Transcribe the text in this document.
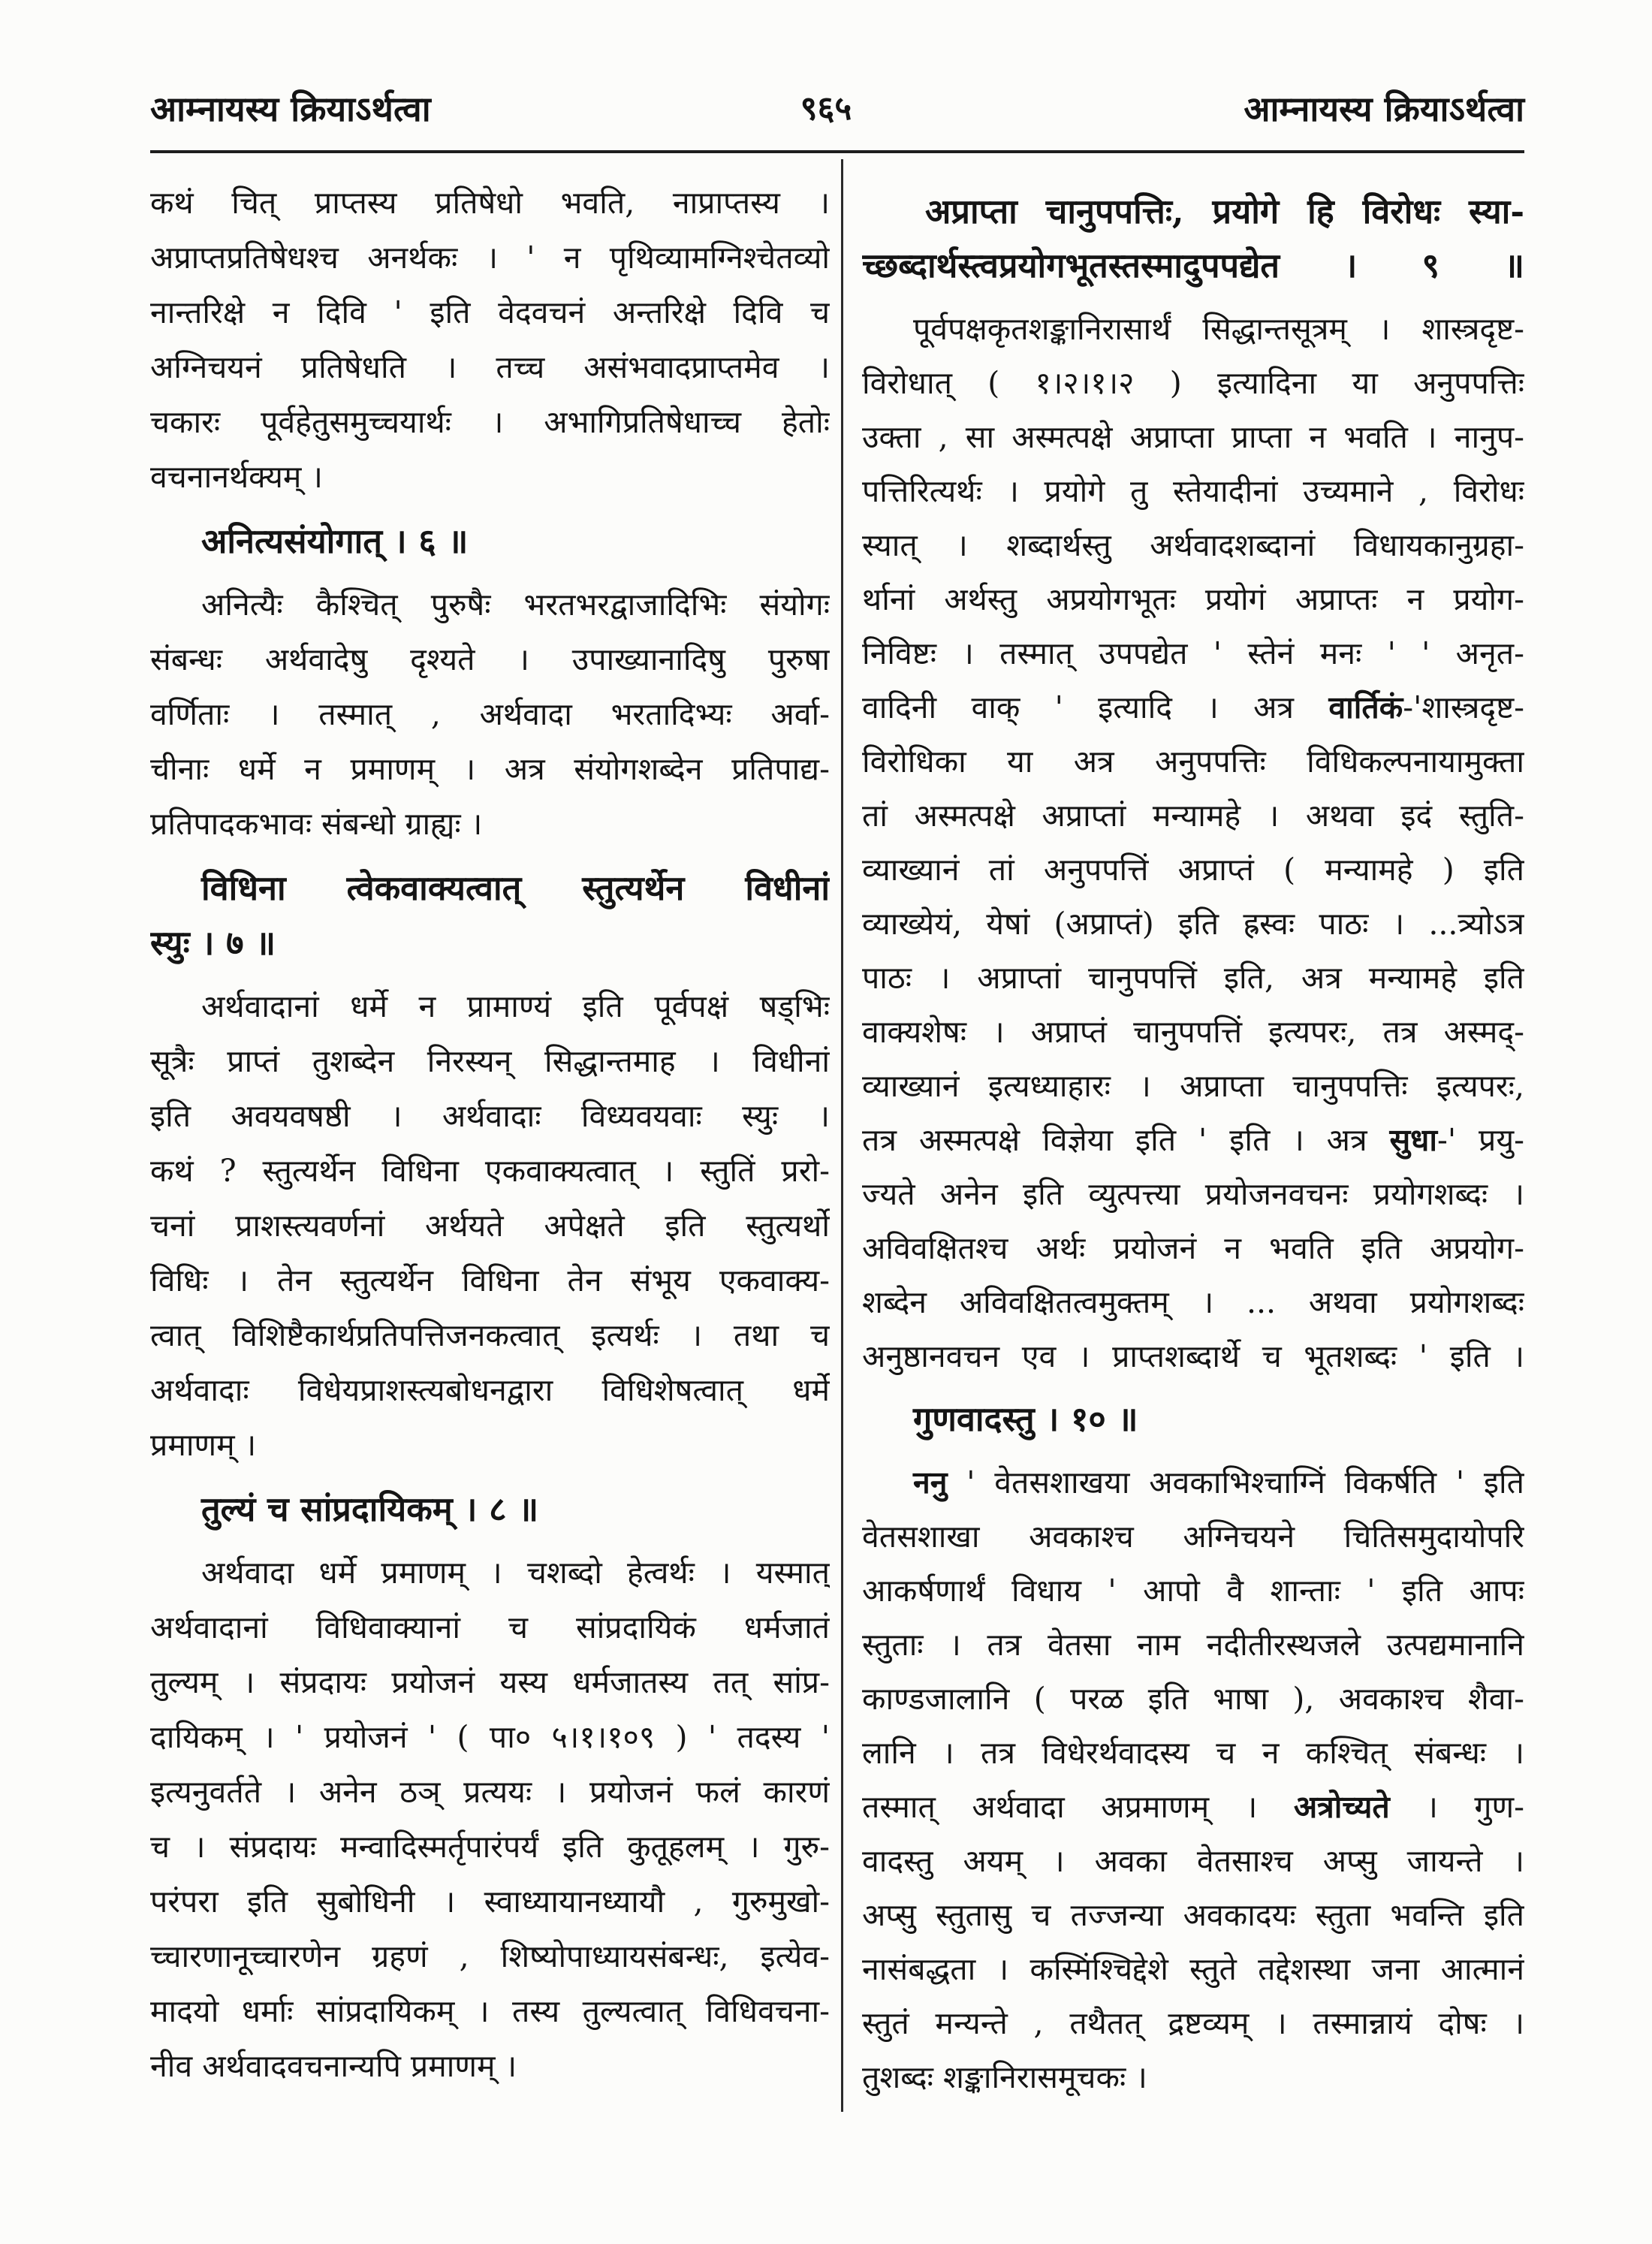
आम्नायस्य क्रियाऽर्थत्वा	९६५	आम्नायस्य क्रियाऽर्थत्वा
कथं चित् प्राप्तस्य प्रतिषेधो भवति, नाप्राप्तस्य ।
अप्राप्तप्रतिषेधश्च अनर्थकः । ' न पृथिव्यामग्निश्चेतव्यो
नान्तरिक्षे न दिवि ' इति वेदवचनं अन्तरिक्षे दिवि च
अग्निचयनं प्रतिषेधति । तच्च असंभवादप्राप्तमेव ।
चकारः पूर्वहेतुसमुच्चयार्थः । अभागिप्रतिषेधाच्च हेतोः
वचनानर्थक्यम् ।
अनित्यसंयोगात् । ६ ॥
अनित्यैः कैश्चित् पुरुषैः भरतभरद्वाजादिभिः संयोगः
संबन्धः अर्थवादेषु दृश्यते । उपाख्यानादिषु पुरुषा
वर्णिताः । तस्मात् , अर्थवादा भरतादिभ्यः अर्वा-
चीनाः धर्मे न प्रमाणम् । अत्र संयोगशब्देन प्रतिपाद्य-
प्रतिपादकभावः संबन्धो ग्राह्यः ।
विधिना त्वेकवाक्यत्वात् स्तुत्यर्थेन विधीनां
स्युः । ७ ॥
अर्थवादानां धर्मे न प्रामाण्यं इति पूर्वपक्षं षड्भिः
सूत्रैः प्राप्तं तुशब्देन निरस्यन् सिद्धान्तमाह । विधीनां
इति अवयवषष्ठी । अर्थवादाः विध्यवयवाः स्युः ।
कथं ? स्तुत्यर्थेन विधिना एकवाक्यत्वात् । स्तुतिं प्ररो-
चनां प्राशस्त्यवर्णनां अर्थयते अपेक्षते इति स्तुत्यर्थो
विधिः । तेन स्तुत्यर्थेन विधिना तेन संभूय एकवाक्य-
त्वात् विशिष्टैकार्थप्रतिपत्तिजनकत्वात् इत्यर्थः । तथा च
अर्थवादाः विधेयप्राशस्त्यबोधनद्वारा विधिशेषत्वात् धर्मे
प्रमाणम् ।
तुल्यं च सांप्रदायिकम् । ८ ॥
अर्थवादा धर्मे प्रमाणम् । चशब्दो हेत्वर्थः । यस्मात्
अर्थवादानां विधिवाक्यानां च सांप्रदायिकं धर्मजातं
तुल्यम् । संप्रदायः प्रयोजनं यस्य धर्मजातस्य तत् सांप्र-
दायिकम् । ' प्रयोजनं ' ( पा० ५।१।१०९ ) ' तदस्य '
इत्यनुवर्तते । अनेन ठञ् प्रत्ययः । प्रयोजनं फलं कारणं
च । संप्रदायः मन्वादिस्मर्तृपारंपर्यं इति कुतूहलम् । गुरु-
परंपरा इति सुबोधिनी । स्वाध्यायानध्यायौ , गुरुमुखो-
च्चारणानूच्चारणेन ग्रहणं , शिष्योपाध्यायसंबन्धः, इत्येव-
मादयो धर्माः सांप्रदायिकम् । तस्य तुल्यत्वात् विधिवचना-
नीव अर्थवादवचनान्यपि प्रमाणम् ।
अप्राप्ता चानुपपत्तिः, प्रयोगे हि विरोधः स्या-
च्छब्दार्थस्त्वप्रयोगभूतस्तस्मादुपपद्येत । ९ ॥
पूर्वपक्षकृतशङ्कानिरासार्थं सिद्धान्तसूत्रम् । शास्त्रदृष्ट-
विरोधात् ( १।२।१।२ ) इत्यादिना या अनुपपत्तिः
उक्ता , सा अस्मत्पक्षे अप्राप्ता प्राप्ता न भवति । नानुप-
पत्तिरित्यर्थः । प्रयोगे तु स्तेयादीनां उच्यमाने , विरोधः
स्यात् । शब्दार्थस्तु अर्थवादशब्दानां विधायकानुग्रहा-
र्थानां अर्थस्तु अप्रयोगभूतः प्रयोगं अप्राप्तः न प्रयोग-
निविष्टः । तस्मात् उपपद्येत ' स्तेनं मनः ' ' अनृत-
वादिनी वाक् ' इत्यादि । अत्र वार्तिकं-'शास्त्रदृष्ट-
विरोधिका या अत्र अनुपपत्तिः विधिकल्पनायामुक्ता
तां अस्मत्पक्षे अप्राप्तां मन्यामहे । अथवा इदं स्तुति-
व्याख्यानं तां अनुपपत्तिं अप्राप्तं ( मन्यामहे ) इति
व्याख्येयं, येषां (अप्राप्तं) इति ह्रस्वः पाठः । ...त्र्योऽत्र
पाठः । अप्राप्तां चानुपपत्तिं इति, अत्र मन्यामहे इति
वाक्यशेषः । अप्राप्तं चानुपपत्तिं इत्यपरः, तत्र अस्मद्-
व्याख्यानं इत्यध्याहारः । अप्राप्ता चानुपपत्तिः इत्यपरः,
तत्र अस्मत्पक्षे विज्ञेया इति ' इति । अत्र सुधा-' प्रयु-
ज्यते अनेन इति व्युत्पत्त्या प्रयोजनवचनः प्रयोगशब्दः ।
अविवक्षितश्च अर्थः प्रयोजनं न भवति इति अप्रयोग-
शब्देन अविवक्षितत्वमुक्तम् । ... अथवा प्रयोगशब्दः
अनुष्ठानवचन एव । प्राप्तशब्दार्थे च भूतशब्दः ' इति ।
गुणवादस्तु । १० ॥
ननु ' वेतसशाखया अवकाभिश्चाग्निं विकर्षति ' इति
वेतसशाखा अवकाश्च अग्निचयने चितिसमुदायोपरि
आकर्षणार्थं विधाय ' आपो वै शान्ताः ' इति आपः
स्तुताः । तत्र वेतसा नाम नदीतीरस्थजले उत्पद्यमानानि
काण्डजालानि ( परळ इति भाषा ), अवकाश्च शैवा-
लानि । तत्र विधेरर्थवादस्य च न कश्चित् संबन्धः ।
तस्मात् अर्थवादा अप्रमाणम् । अत्रोच्यते । गुण-
वादस्तु अयम् । अवका वेतसाश्च अप्सु जायन्ते ।
अप्सु स्तुतासु च तज्जन्या अवकादयः स्तुता भवन्ति इति
नासंबद्धता । कस्मिंश्चिद्देशे स्तुते तद्देशस्था जना आत्मानं
स्तुतं मन्यन्ते , तथैतत् द्रष्टव्यम् । तस्मान्नायं दोषः ।
तुशब्दः शङ्कानिरासमूचकः ।
